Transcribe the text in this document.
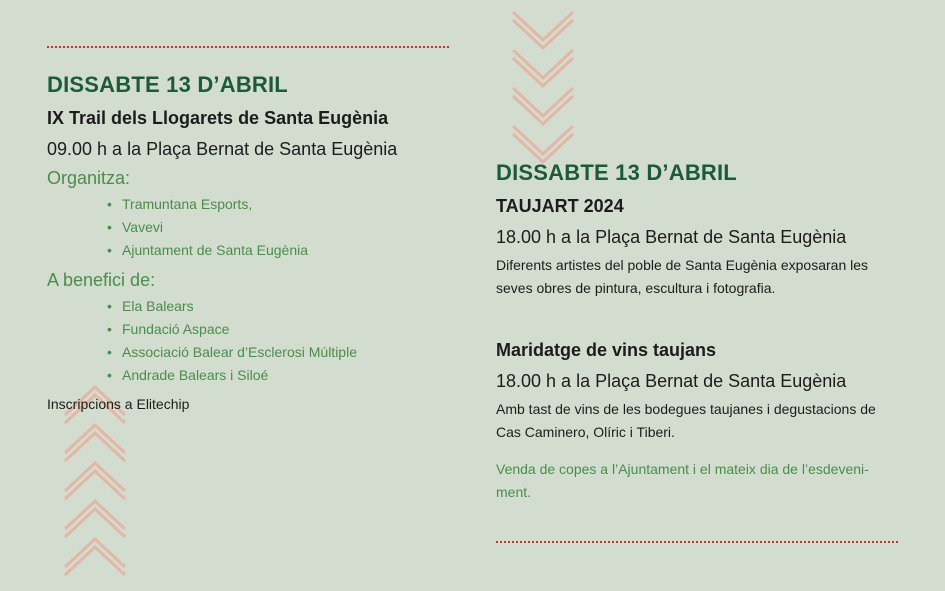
DISSABTE 13 D’ABRIL

IX Trail dels Llogarets de Santa Eugènia

09.00 h a la Plaça Bernat de Santa Eugènia

Organitza:

• Tramuntana Esports,
• Vavevi
• Ajuntament de Santa Eugènia

A benefici de:

• Ela Balears
• Fundació Aspace
• Associació Balear d’Esclerosi Múltiple
• Andrade Balears i Siloé

Inscripcions a Elitechip

DISSABTE 13 D’ABRIL

TAUJART 2024

18.00 h a la Plaça Bernat de Santa Eugènia

Diferents artistes del poble de Santa Eugènia exposaran les

seves obres de pintura, escultura i fotografia.

Maridatge de vins taujans

18.00 h a la Plaça Bernat de Santa Eugènia

Amb tast de vins de les bodegues taujanes i degustacions de

Cas Caminero, Olíric i Tiberi.

Venda de copes a l’Ajuntament i el mateix dia de l’esdeveni-

ment.
